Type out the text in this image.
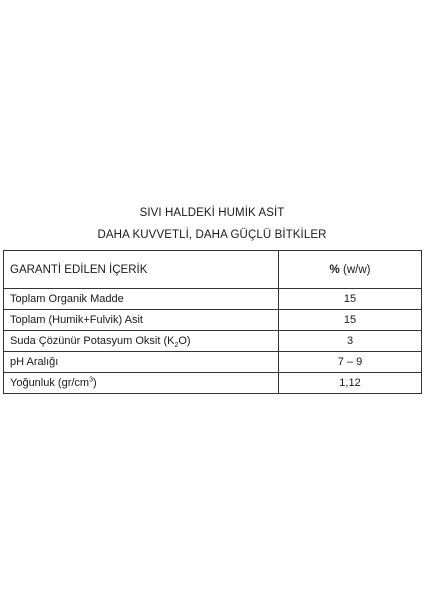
SIVI HALDEKİ HUMİK ASİT
DAHA KUVVETLİ, DAHA GÜÇLÜ BİTKİLER
GARANTİ EDİLEN İÇERİK	% (w/w)
Toplam Organik Madde	15
Toplam (Humik+Fulvik) Asit	15
Suda Çözünür Potasyum Oksit $(K_2O)$	3
pH Aralığı	7 – 9
Yoğunluk $(gr/cm^3)$	1,12
